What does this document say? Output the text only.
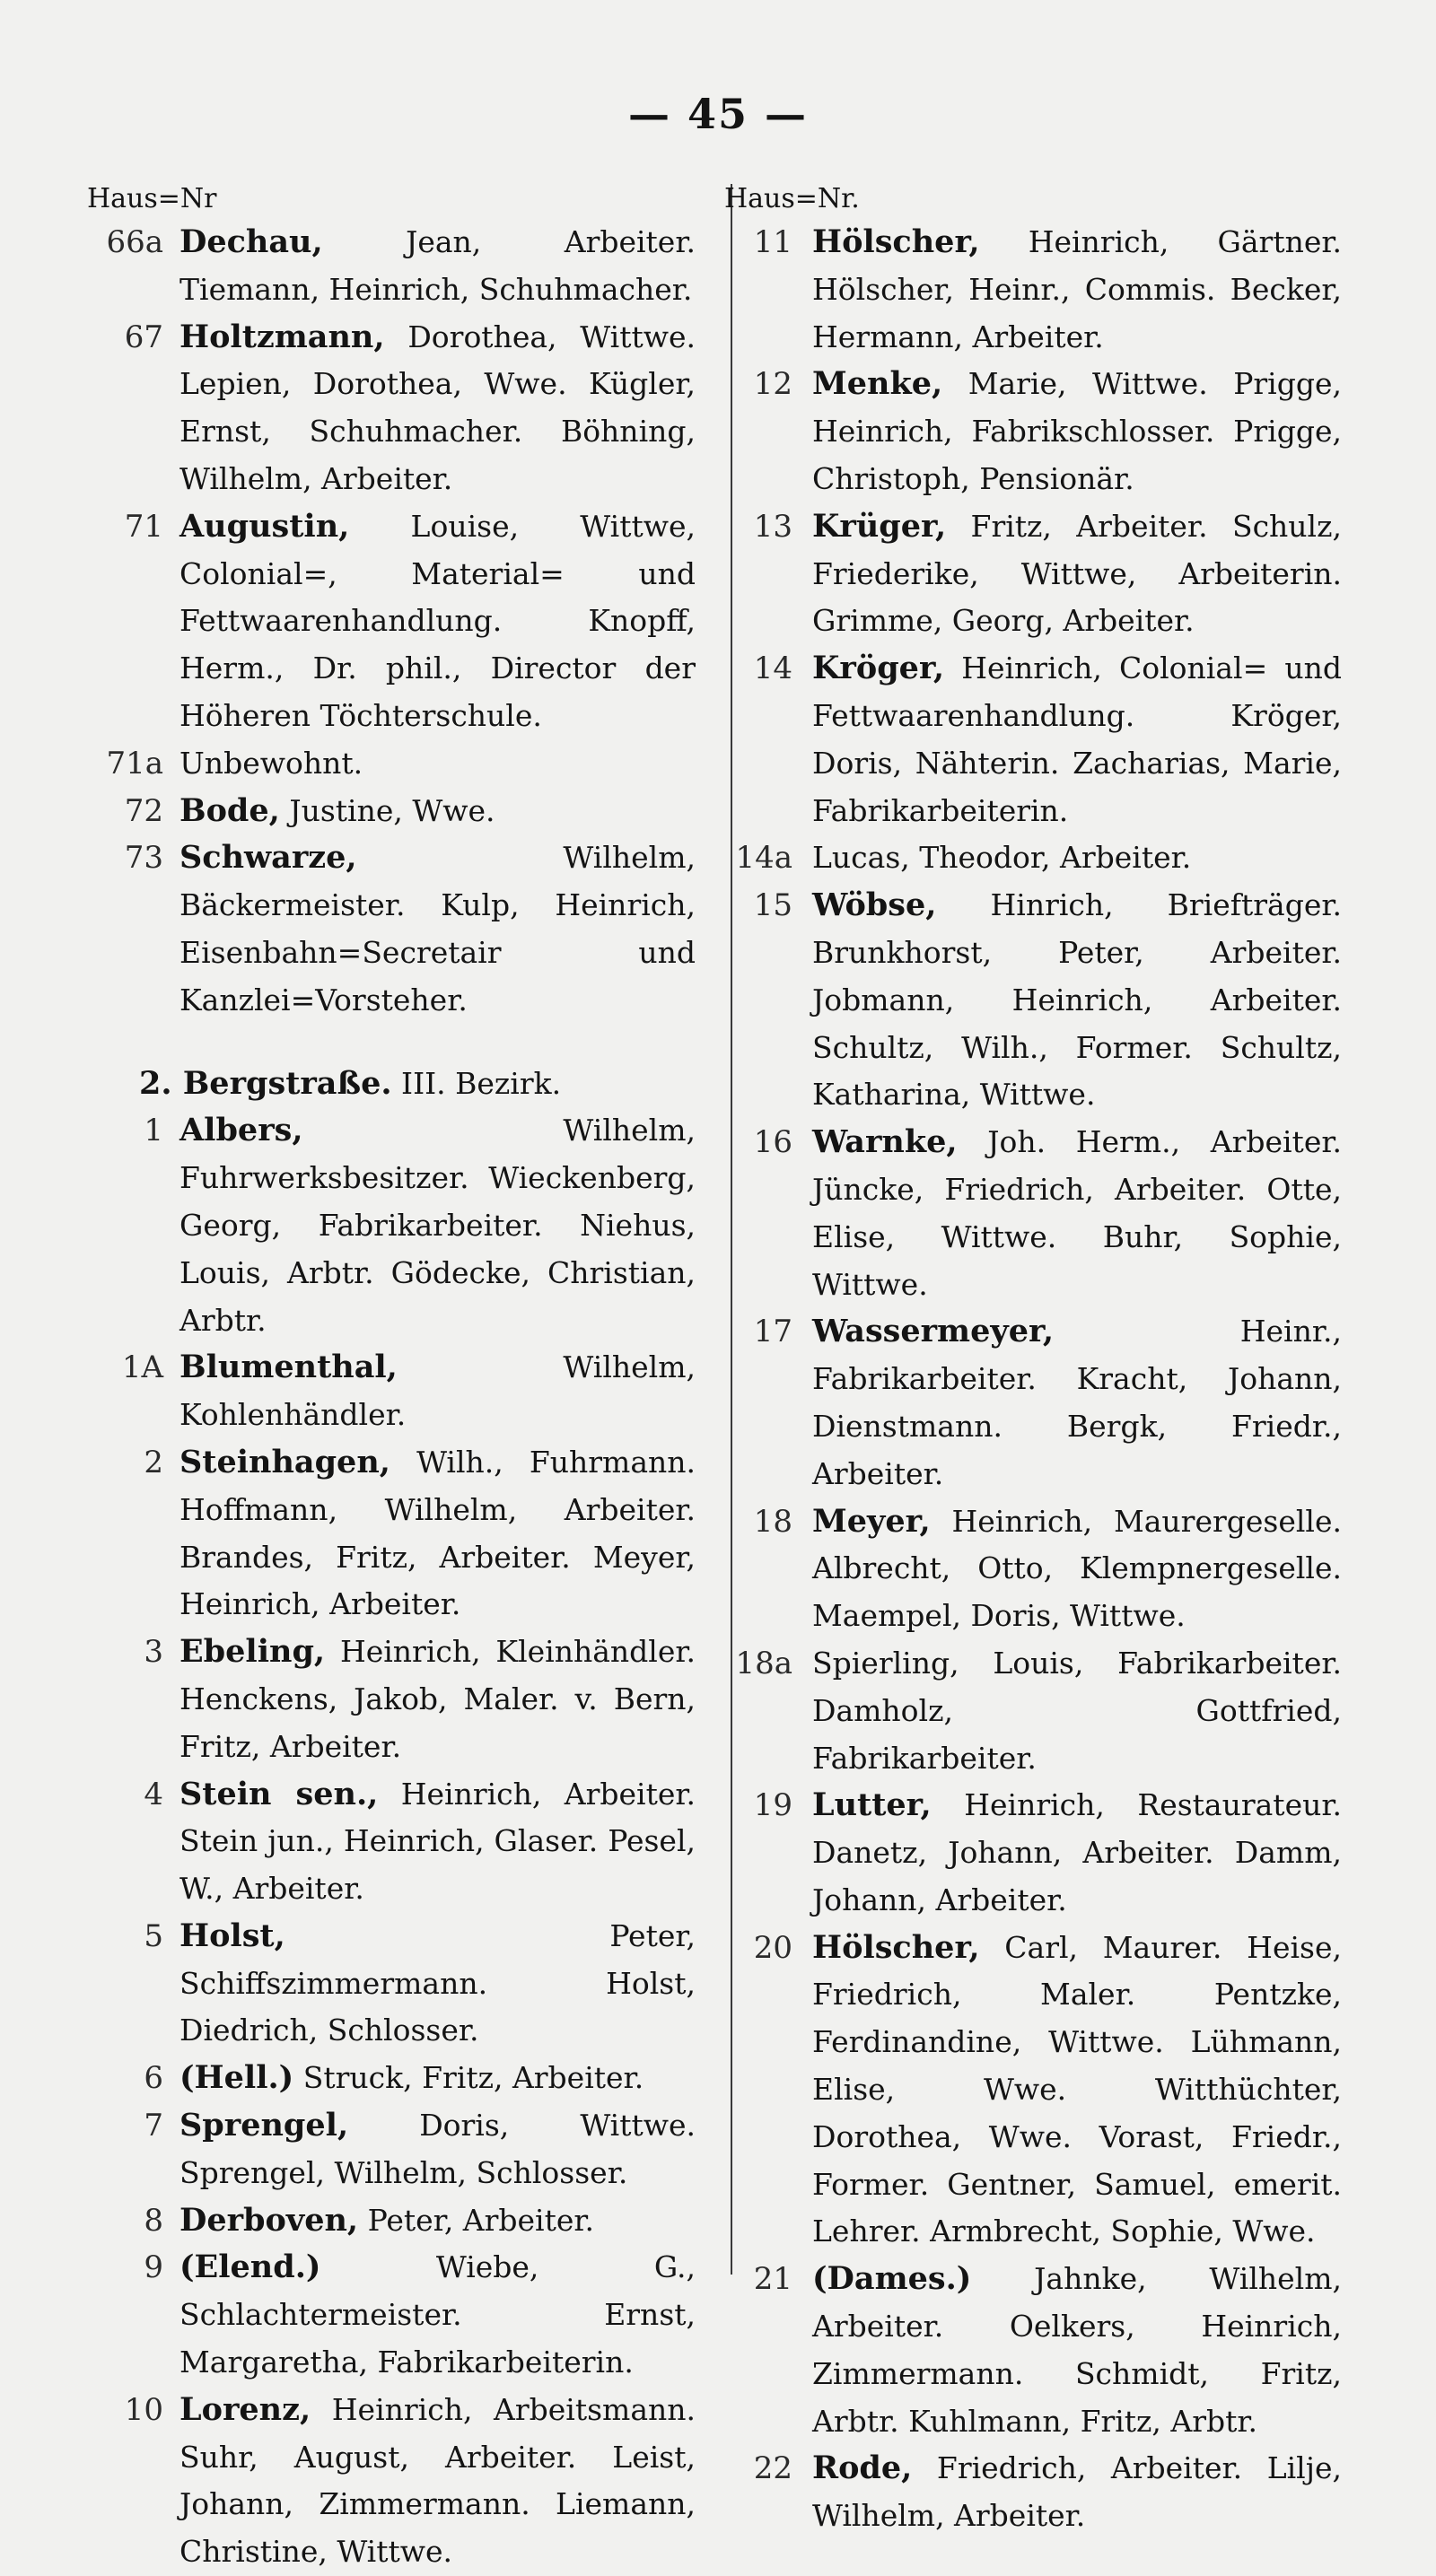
— 45 —
Haus=Nr
66a Dechau,	Jean, Arbeiter. Tiemann, Heinrich, Schuhmacher.
67 Holtzmann, Dorothea, Wittwe. Lepien, Dorothea, Wwe. Kügler, Ernst, Schuhmacher. Böhning, Wilhelm, Arbeiter.
71 Augustin, Louise, Wittwe, Colonial=, Material= und Fettwaarenhandlung. Knopff, Herm., Dr. phil., Director der Höheren Töchterschule.
71a Unbewohnt.
72 Bode, Justine, Wwe.
73 Schwarze,	Wilhelm, Bäckermeister. Kulp, Heinrich, Eisenbahn=Secretair und Kanzlei=Vorsteher.
2. Bergstraße. III. Bezirk.
1 Albers,	Wilhelm, Fuhrwerksbesitzer. Wieckenberg, Georg, Fabrikarbeiter. Niehus, Louis, Arbtr. Gödecke, Christian, Arbtr.
1A Blumenthal,	Wilhelm, Kohlenhändler.
2 Steinhagen, Wilh., Fuhrmann. Hoffmann, Wilhelm, Arbeiter. Brandes, Fritz, Arbeiter. Meyer, Heinrich, Arbeiter.
3 Ebeling, Heinrich, Kleinhändler. Henckens, Jakob, Maler. v. Bern, Fritz, Arbeiter.
4 Stein sen., Heinrich, Arbeiter. Stein jun., Heinrich, Glaser. Pesel, W., Arbeiter.
5 Holst,	Peter, Schiffszimmermann. Holst, Diedrich, Schlosser.
6 (Hell.) Struck, Fritz, Arbeiter.
7 Sprengel, Doris, Wittwe. Sprengel, Wilhelm, Schlosser.
8 Derboven, Peter, Arbeiter.
9 (Elend.)	Wiebe, G., Schlachtermeister. Ernst, Margaretha, Fabrikarbeiterin.
10 Lorenz, Heinrich, Arbeitsmann. Suhr, August, Arbeiter. Leist, Johann, Zimmermann. Liemann, Christine, Wittwe.
Haus=Nr.
11 Hölscher, Heinrich, Gärtner. Hölscher, Heinr., Commis. Becker, Hermann, Arbeiter.
12 Menke, Marie, Wittwe. Prigge, Heinrich, Fabrikschlosser. Prigge, Christoph, Pensionär.
13 Krüger, Fritz, Arbeiter. Schulz, Friederike, Wittwe, Arbeiterin. Grimme, Georg, Arbeiter.
14 Kröger, Heinrich, Colonial= und Fettwaarenhandlung. Kröger, Doris, Nähterin. Zacharias, Marie, Fabrikarbeiterin.
14a Lucas, Theodor, Arbeiter.
15 Wöbse, Hinrich, Briefträger. Brunkhorst, Peter, Arbeiter. Jobmann, Heinrich, Arbeiter. Schultz, Wilh., Former. Schultz, Katharina, Wittwe.
16 Warnke, Joh. Herm., Arbeiter. Jüncke, Friedrich, Arbeiter. Otte, Elise, Wittwe. Buhr, Sophie, Wittwe.
17 Wassermeyer,	Heinr., Fabrikarbeiter. Kracht, Johann, Dienstmann. Bergk, Friedr., Arbeiter.
18 Meyer, Heinrich, Maurergeselle. Albrecht, Otto, Klempnergeselle. Maempel, Doris, Wittwe.
18a Spierling, Louis, Fabrikarbeiter. Damholz, Gottfried, Fabrikarbeiter.
19 Lutter, Heinrich, Restaurateur. Danetz, Johann, Arbeiter. Damm, Johann, Arbeiter.
20 Hölscher, Carl, Maurer. Heise, Friedrich, Maler. Pentzke, Ferdinandine, Wittwe. Lühmann, Elise, Wwe. Witthüchter, Dorothea, Wwe. Vorast, Friedr., Former. Gentner, Samuel, emerit. Lehrer. Armbrecht, Sophie, Wwe.
21 (Dames.) Jahnke, Wilhelm, Arbeiter. Oelkers, Heinrich, Zimmermann. Schmidt, Fritz, Arbtr. Kuhlmann, Fritz, Arbtr.
22 Rode, Friedrich, Arbeiter. Lilje, Wilhelm, Arbeiter.
